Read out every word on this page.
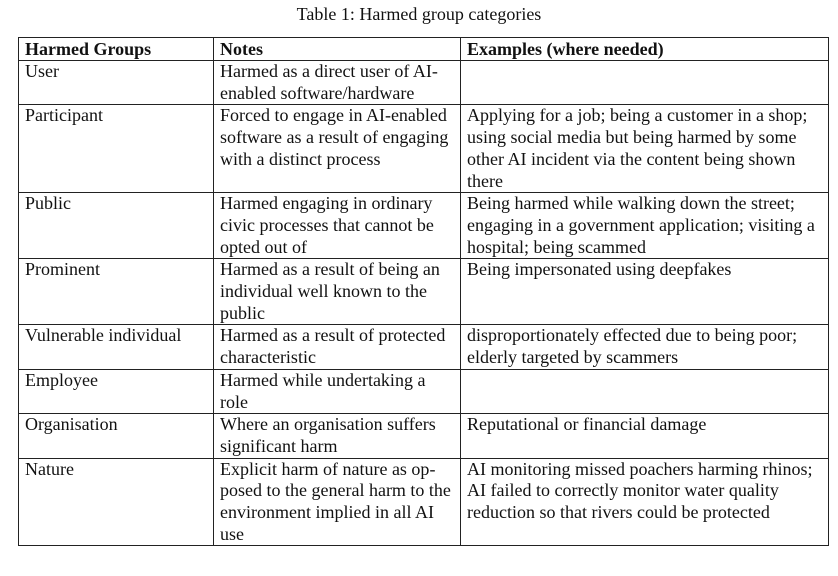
Table 1: Harmed group categories
Harmed Groups	Notes	Examples (where needed)
User	Harmed as a direct user of AI-enabled software/hardware	
Participant	Forced to engage in AI-enabled software as a result of engaging with a distinct process	Applying for a job; being a customer in a shop; using social media but being harmed by some other AI incident via the content being shown there
Public	Harmed engaging in ordinary civic processes that cannot be opted out of	Being harmed while walking down the street; engaging in a government application; visiting a hospital; being scammed
Prominent	Harmed as a result of being an individual well known to the public	Being impersonated using deepfakes
Vulnerable individual	Harmed as a result of protected characteristic	disproportionately effected due to being poor; elderly targeted by scammers
Employee	Harmed while undertaking a role	
Organisation	Where an organisation suffers significant harm	Reputational or financial damage
Nature	Explicit harm of nature as opposed to the general harm to the environment implied in all AI use	AI monitoring missed poachers harming rhinos; AI failed to correctly monitor water quality reduction so that rivers could be protected
